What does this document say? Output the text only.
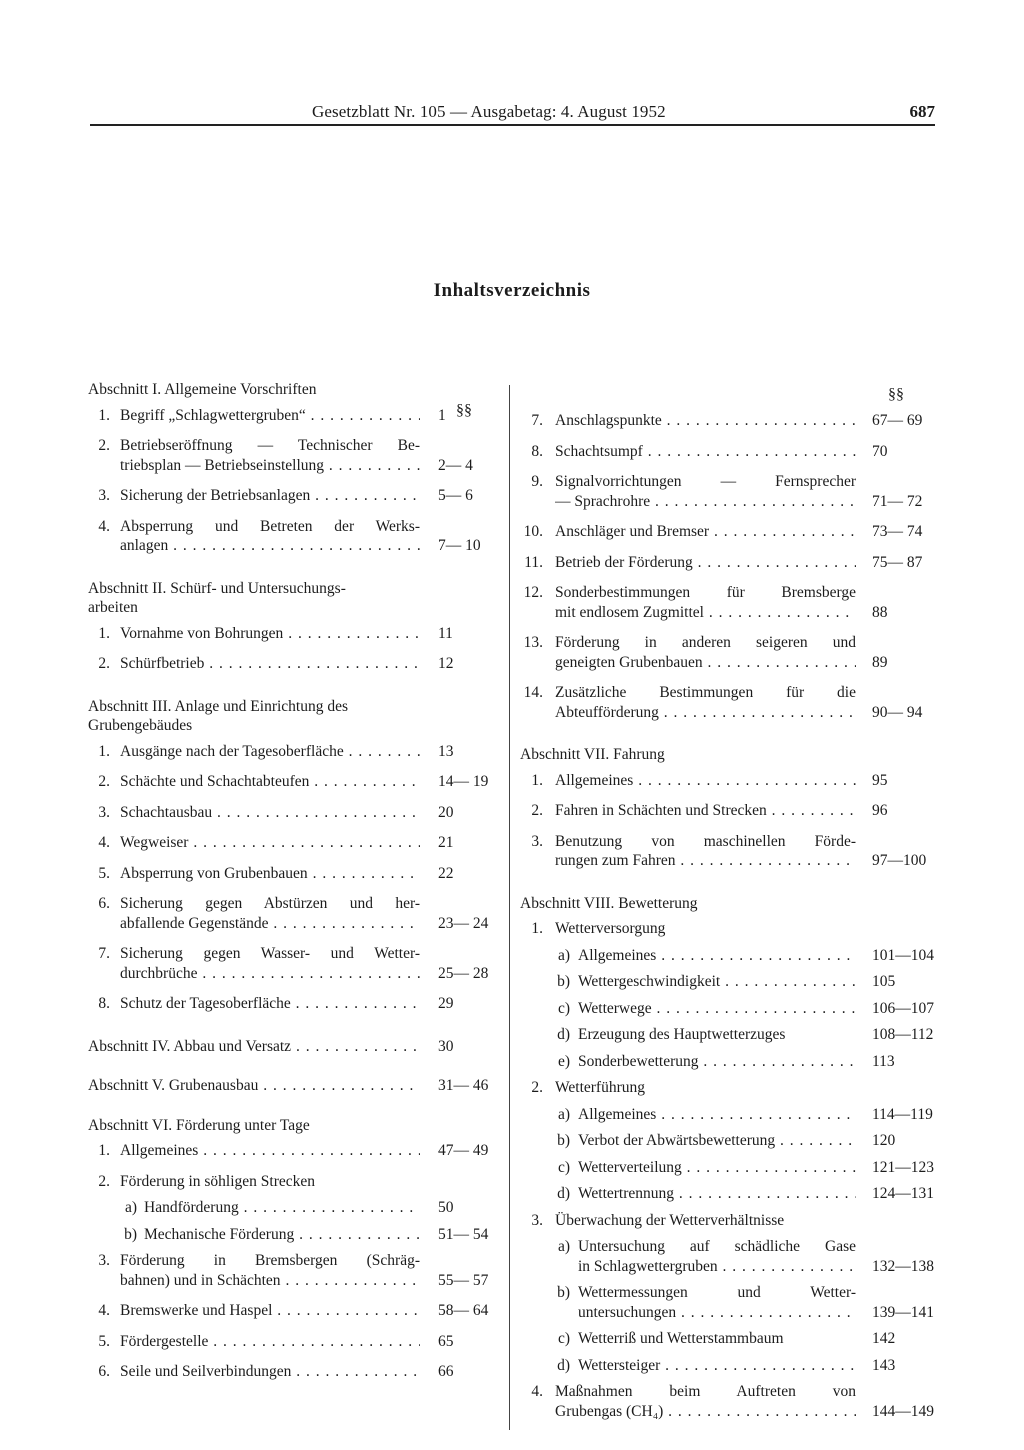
Gesetzblatt Nr. 105 — Ausgabetag: 4. August 1952	687
Inhaltsverzeichnis
§§
§§
Abschnitt I. Allgemeine Vorschriften
1. Begriff „Schlagwettergruben“ . . .	1
2. Betriebseröffnung — Technischer Be-
triebsplan — Betriebseinstellung . . .	2— 4
3. Sicherung der Betriebsanlagen . . .	5— 6
4. Absperrung und Betreten der Werks-
anlagen . . .	7— 10
Abschnitt II. Schürf- und Untersuchungs-
arbeiten
1. Vornahme von Bohrungen . . .	11
2. Schürfbetrieb . . .	12
Abschnitt III. Anlage und Einrichtung des
Grubengebäudes
1. Ausgänge nach der Tagesoberfläche . . .	13
2. Schächte und Schachtabteufen . . .	14— 19
3. Schachtausbau . . .	20
4. Wegweiser . . .	21
5. Absperrung von Grubenbauen . . .	22
6. Sicherung gegen Abstürzen und her-
abfallende Gegenstände . . .	23— 24
7. Sicherung gegen Wasser- und Wetter-
durchbrüche . . .	25— 28
8. Schutz der Tagesoberfläche . . .	29
Abschnitt IV. Abbau und Versatz . . .	30
Abschnitt V. Grubenausbau . . .	31— 46
Abschnitt VI. Förderung unter Tage
1. Allgemeines . . .	47— 49
2. Förderung in söhligen Strecken
a) Handförderung . . .	50
b) Mechanische Förderung . . .	51— 54
3. Förderung in Bremsbergen (Schräg-
bahnen) und in Schächten . . .	55— 57
4. Bremswerke und Haspel . . .	58— 64
5. Fördergestelle . . .	65
6. Seile und Seilverbindungen . . .	66
7. Anschlagspunkte . . .	67— 69
8. Schachtsumpf . . .	70
9. Signalvorrichtungen — Fernsprecher
— Sprachrohre . . .	71— 72
10. Anschläger und Bremser . . .	73— 74
11. Betrieb der Förderung . . .	75— 87
12. Sonderbestimmungen für Bremsberge
mit endlosem Zugmittel . . .	88
13. Förderung in anderen seigeren und
geneigten Grubenbauen . . .	89
14. Zusätzliche Bestimmungen für die
Abteufförderung . . .	90— 94
Abschnitt VII. Fahrung
1. Allgemeines . . .	95
2. Fahren in Schächten und Strecken . . .	96
3. Benutzung von maschinellen Förde-
rungen zum Fahren . . .	97—100
Abschnitt VIII. Bewetterung
1. Wetterversorgung
a) Allgemeines . . .	101—104
b) Wettergeschwindigkeit . . .	105
c) Wetterwege . . .	106—107
d) Erzeugung des Hauptwetterzuges	108—112
e) Sonderbewetterung . . .	113
2. Wetterführung
a) Allgemeines . . .	114—119
b) Verbot der Abwärtsbewetterung . . .	120
c) Wetterverteilung . . .	121—123
d) Wettertrennung . . .	124—131
3. Überwachung der Wetterverhältnisse
a) Untersuchung auf schädliche Gase
in Schlagwettergruben . . .	132—138
b) Wettermessungen und Wetter-
untersuchungen . . .	139—141
c) Wetterriß und Wetterstammbaum	142
d) Wettersteiger . . .	143
4. Maßnahmen beim Auftreten von
Grubengas (CH₄) . . .	144—149
